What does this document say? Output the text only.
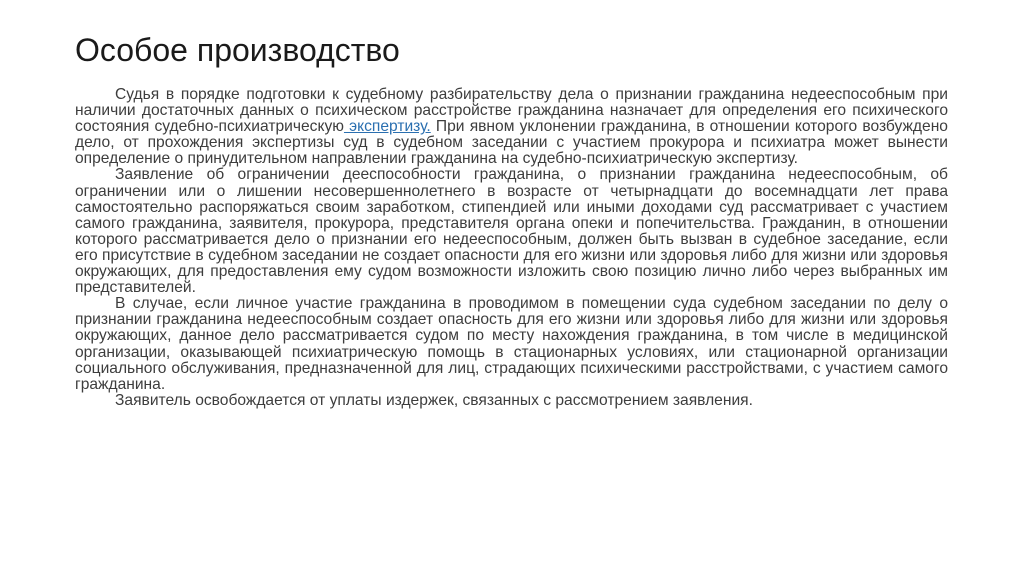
Особое производство

Судья в порядке подготовки к судебному разбирательству дела о признании гражданина недееспособным при наличии достаточных данных о психическом расстройстве гражданина назначает для определения его психического состояния судебно-психиатрическую экспертизу. При явном уклонении гражданина, в отношении которого возбуждено дело, от прохождения экспертизы суд в судебном заседании с участием прокурора и психиатра может вынести определение о принудительном направлении гражданина на судебно-психиатрическую экспертизу.

Заявление об ограничении дееспособности гражданина, о признании гражданина недееспособным, об ограничении или о лишении несовершеннолетнего в возрасте от четырнадцати до восемнадцати лет права самостоятельно распоряжаться своим заработком, стипендией или иными доходами суд рассматривает с участием самого гражданина, заявителя, прокурора, представителя органа опеки и попечительства. Гражданин, в отношении которого рассматривается дело о признании его недееспособным, должен быть вызван в судебное заседание, если его присутствие в судебном заседании не создает опасности для его жизни или здоровья либо для жизни или здоровья окружающих, для предоставления ему судом возможности изложить свою позицию лично либо через выбранных им представителей.

В случае, если личное участие гражданина в проводимом в помещении суда судебном заседании по делу о признании гражданина недееспособным создает опасность для его жизни или здоровья либо для жизни или здоровья окружающих, данное дело рассматривается судом по месту нахождения гражданина, в том числе в медицинской организации, оказывающей психиатрическую помощь в стационарных условиях, или стационарной организации социального обслуживания, предназначенной для лиц, страдающих психическими расстройствами, с участием самого гражданина.

Заявитель освобождается от уплаты издержек, связанных с рассмотрением заявления.
